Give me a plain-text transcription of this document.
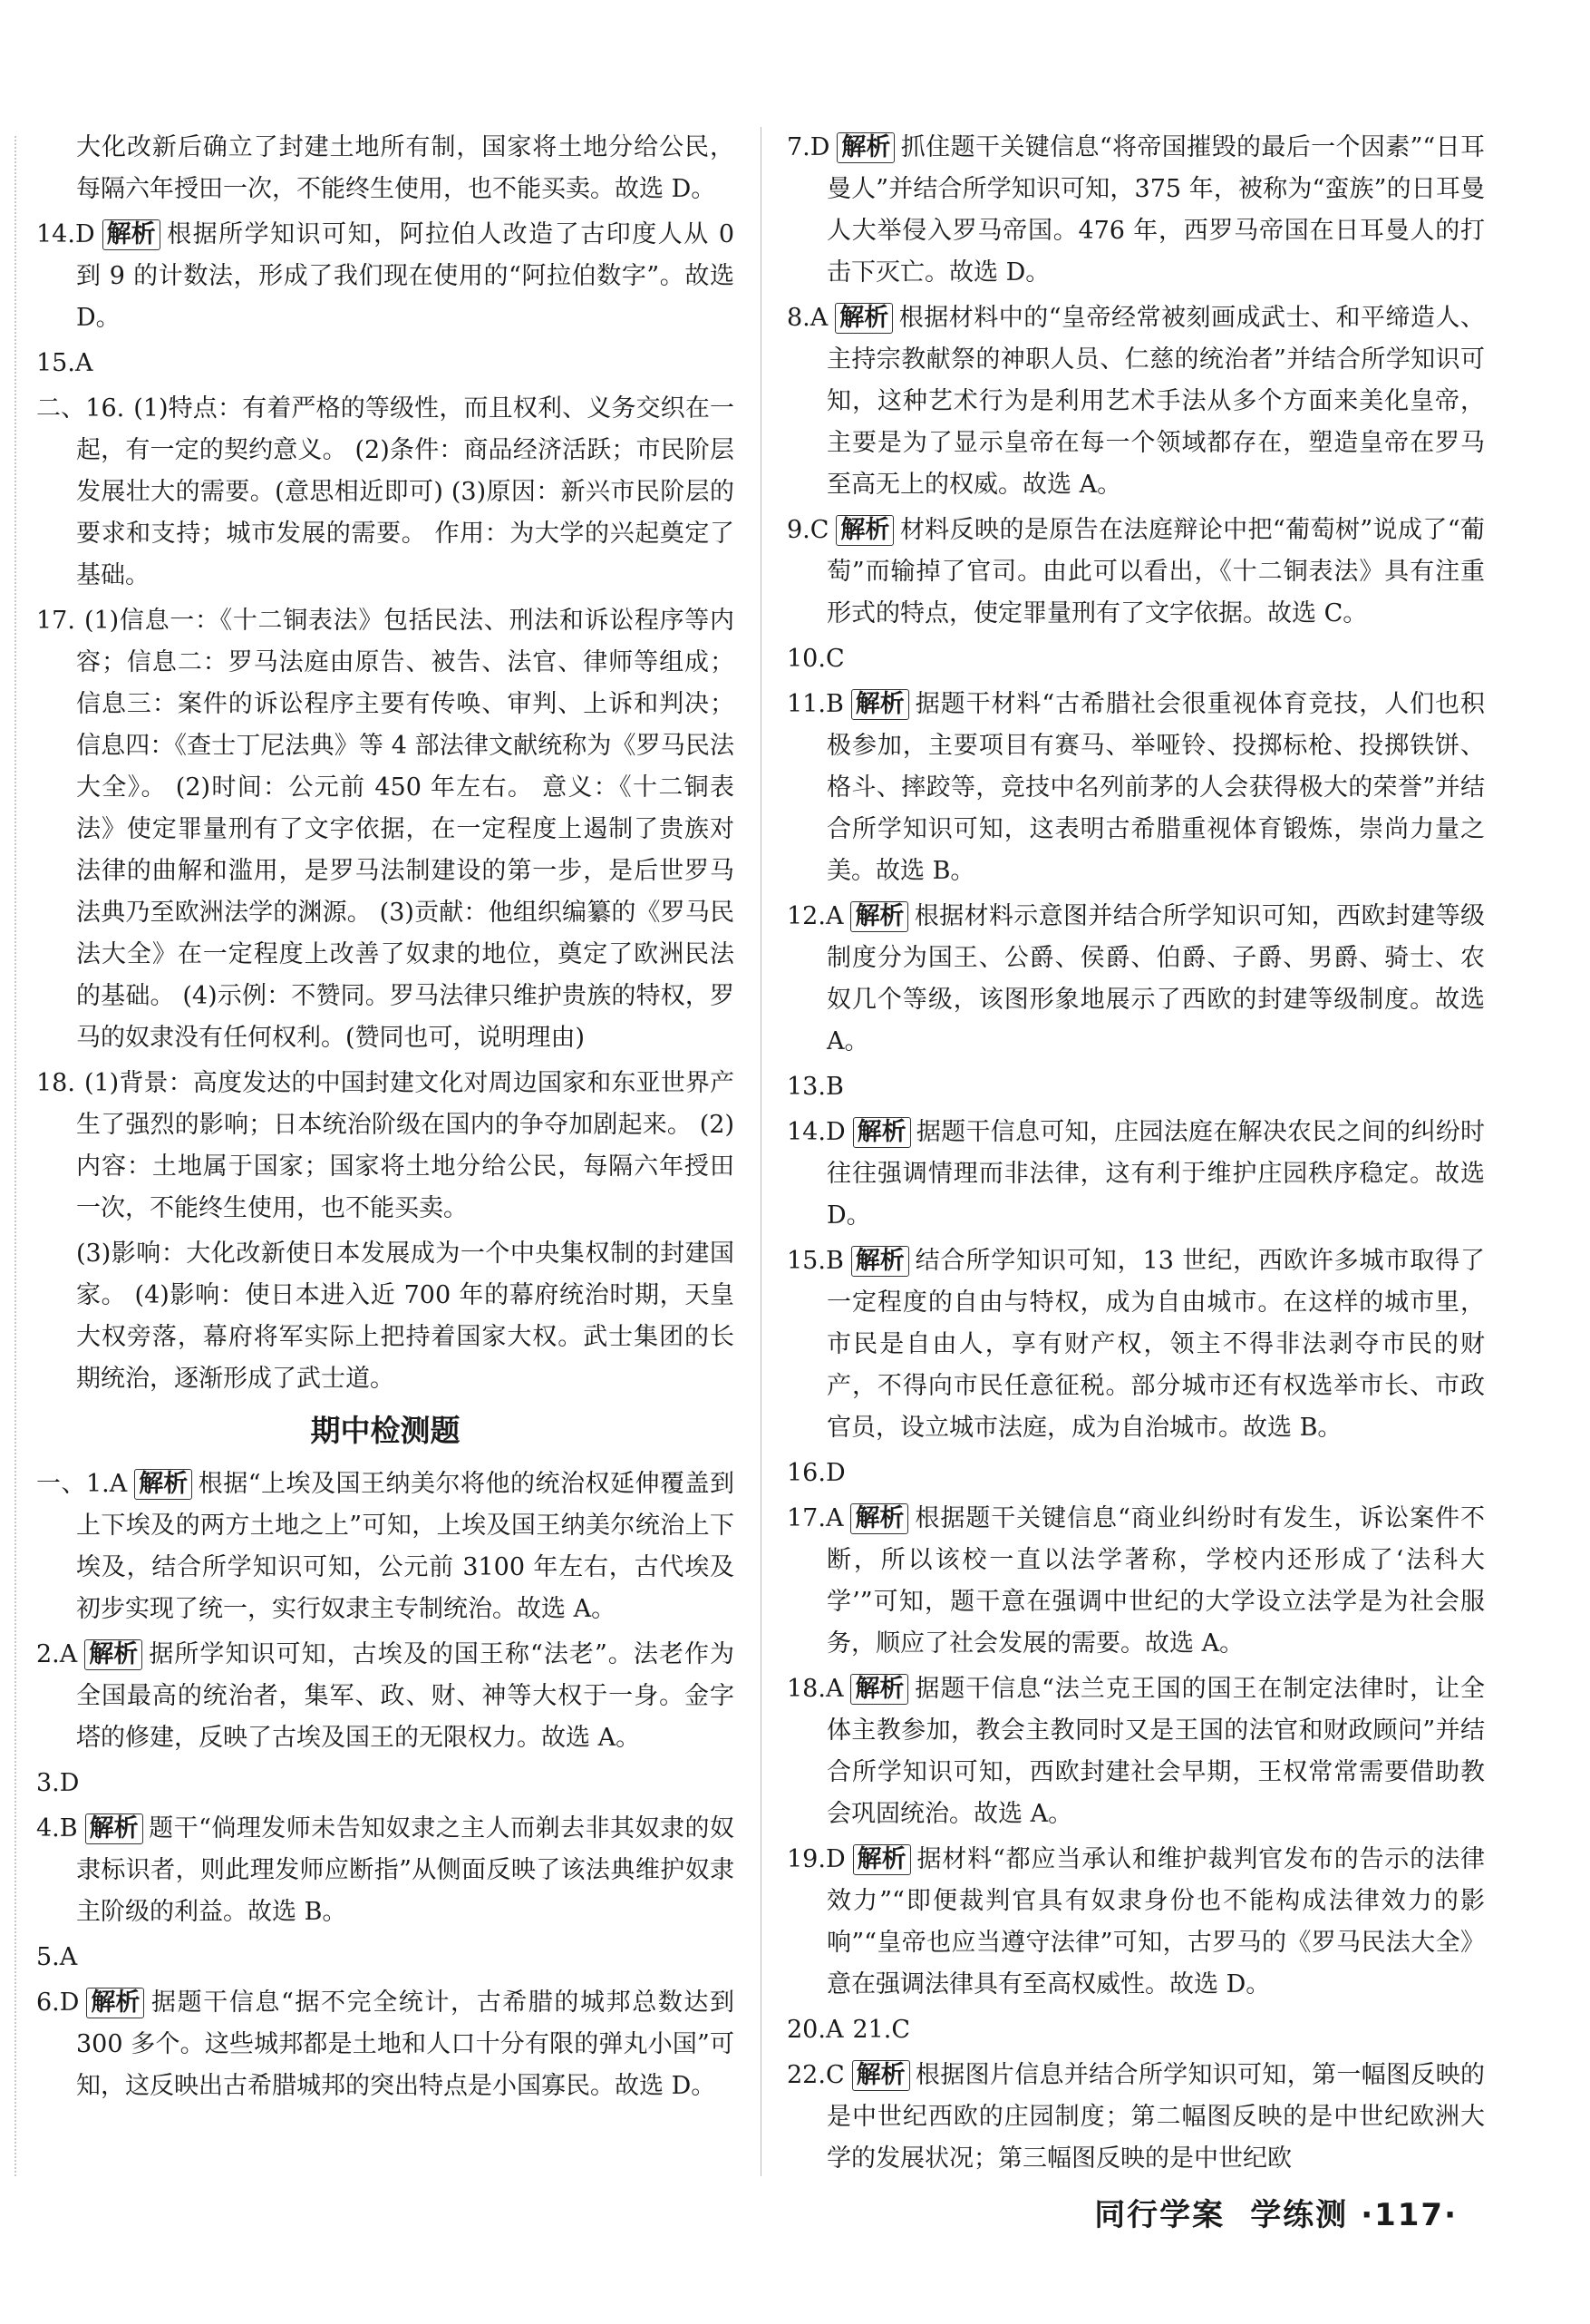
大化改新后确立了封建土地所有制，国家将土地分给公民，每隔六年授田一次，不能终生使用，也不能买卖。故选 D。

14.D 解析 根据所学知识可知，阿拉伯人改造了古印度人从 0 到 9 的计数法，形成了我们现在使用的“阿拉伯数字”。故选 D。

15.A

二、16. (1)特点：有着严格的等级性，而且权利、义务交织在一起，有一定的契约意义。 (2)条件：商品经济活跃；市民阶层发展壮大的需要。(意思相近即可) (3)原因：新兴市民阶层的要求和支持；城市发展的需要。 作用：为大学的兴起奠定了基础。

17. (1)信息一：《十二铜表法》包括民法、刑法和诉讼程序等内容；信息二：罗马法庭由原告、被告、法官、律师等组成；信息三：案件的诉讼程序主要有传唤、审判、上诉和判决；信息四：《查士丁尼法典》等 4 部法律文献统称为《罗马民法大全》。 (2)时间：公元前 450 年左右。 意义：《十二铜表法》使定罪量刑有了文字依据，在一定程度上遏制了贵族对法律的曲解和滥用，是罗马法制建设的第一步，是后世罗马法典乃至欧洲法学的渊源。 (3)贡献：他组织编纂的《罗马民法大全》在一定程度上改善了奴隶的地位，奠定了欧洲民法的基础。 (4)示例：不赞同。罗马法律只维护贵族的特权，罗马的奴隶没有任何权利。(赞同也可，说明理由)

18. (1)背景：高度发达的中国封建文化对周边国家和东亚世界产生了强烈的影响；日本统治阶级在国内的争夺加剧起来。 (2)内容：土地属于国家；国家将土地分给公民，每隔六年授田一次，不能终生使用，也不能买卖。

(3)影响：大化改新使日本发展成为一个中央集权制的封建国家。 (4)影响：使日本进入近 700 年的幕府统治时期，天皇大权旁落，幕府将军实际上把持着国家大权。武士集团的长期统治，逐渐形成了武士道。

期中检测题

一、1.A 解析 根据“上埃及国王纳美尔将他的统治权延伸覆盖到上下埃及的两方土地之上”可知，上埃及国王纳美尔统治上下埃及，结合所学知识可知，公元前 3100 年左右，古代埃及初步实现了统一，实行奴隶主专制统治。故选 A。

2.A 解析 据所学知识可知，古埃及的国王称“法老”。法老作为全国最高的统治者，集军、政、财、神等大权于一身。金字塔的修建，反映了古埃及国王的无限权力。故选 A。

3.D

4.B 解析 题干“倘理发师未告知奴隶之主人而剃去非其奴隶的奴隶标识者，则此理发师应断指”从侧面反映了该法典维护奴隶主阶级的利益。故选 B。

5.A

6.D 解析 据题干信息“据不完全统计，古希腊的城邦总数达到 300 多个。这些城邦都是土地和人口十分有限的弹丸小国”可知，这反映出古希腊城邦的突出特点是小国寡民。故选 D。

7.D 解析 抓住题干关键信息“将帝国摧毁的最后一个因素”“日耳曼人”并结合所学知识可知，375 年，被称为“蛮族”的日耳曼人大举侵入罗马帝国。476 年，西罗马帝国在日耳曼人的打击下灭亡。故选 D。

8.A 解析 根据材料中的“皇帝经常被刻画成武士、和平缔造人、主持宗教献祭的神职人员、仁慈的统治者”并结合所学知识可知，这种艺术行为是利用艺术手法从多个方面来美化皇帝，主要是为了显示皇帝在每一个领域都存在，塑造皇帝在罗马至高无上的权威。故选 A。

9.C 解析 材料反映的是原告在法庭辩论中把“葡萄树”说成了“葡萄”而输掉了官司。由此可以看出，《十二铜表法》具有注重形式的特点，使定罪量刑有了文字依据。故选 C。

10.C

11.B 解析 据题干材料“古希腊社会很重视体育竞技，人们也积极参加，主要项目有赛马、举哑铃、投掷标枪、投掷铁饼、格斗、摔跤等，竞技中名列前茅的人会获得极大的荣誉”并结合所学知识可知，这表明古希腊重视体育锻炼，崇尚力量之美。故选 B。

12.A 解析 根据材料示意图并结合所学知识可知，西欧封建等级制度分为国王、公爵、侯爵、伯爵、子爵、男爵、骑士、农奴几个等级，该图形象地展示了西欧的封建等级制度。故选 A。

13.B

14.D 解析 据题干信息可知，庄园法庭在解决农民之间的纠纷时往往强调情理而非法律，这有利于维护庄园秩序稳定。故选 D。

15.B 解析 结合所学知识可知，13 世纪，西欧许多城市取得了一定程度的自由与特权，成为自由城市。在这样的城市里，市民是自由人，享有财产权，领主不得非法剥夺市民的财产，不得向市民任意征税。部分城市还有权选举市长、市政官员，设立城市法庭，成为自治城市。故选 B。

16.D

17.A 解析 根据题干关键信息“商业纠纷时有发生，诉讼案件不断，所以该校一直以法学著称，学校内还形成了‘法科大学’”可知，题干意在强调中世纪的大学设立法学是为社会服务，顺应了社会发展的需要。故选 A。

18.A 解析 据题干信息“法兰克王国的国王在制定法律时，让全体主教参加，教会主教同时又是王国的法官和财政顾问”并结合所学知识可知，西欧封建社会早期，王权常常需要借助教会巩固统治。故选 A。

19.D 解析 据材料“都应当承认和维护裁判官发布的告示的法律效力”“即便裁判官具有奴隶身份也不能构成法律效力的影响”“皇帝也应当遵守法律”可知，古罗马的《罗马民法大全》意在强调法律具有至高权威性。故选 D。

20.A 21.C

22.C 解析 根据图片信息并结合所学知识可知，第一幅图反映的是中世纪西欧的庄园制度；第二幅图反映的是中世纪欧洲大学的发展状况；第三幅图反映的是中世纪欧

同行学案 学练测 ·117·
